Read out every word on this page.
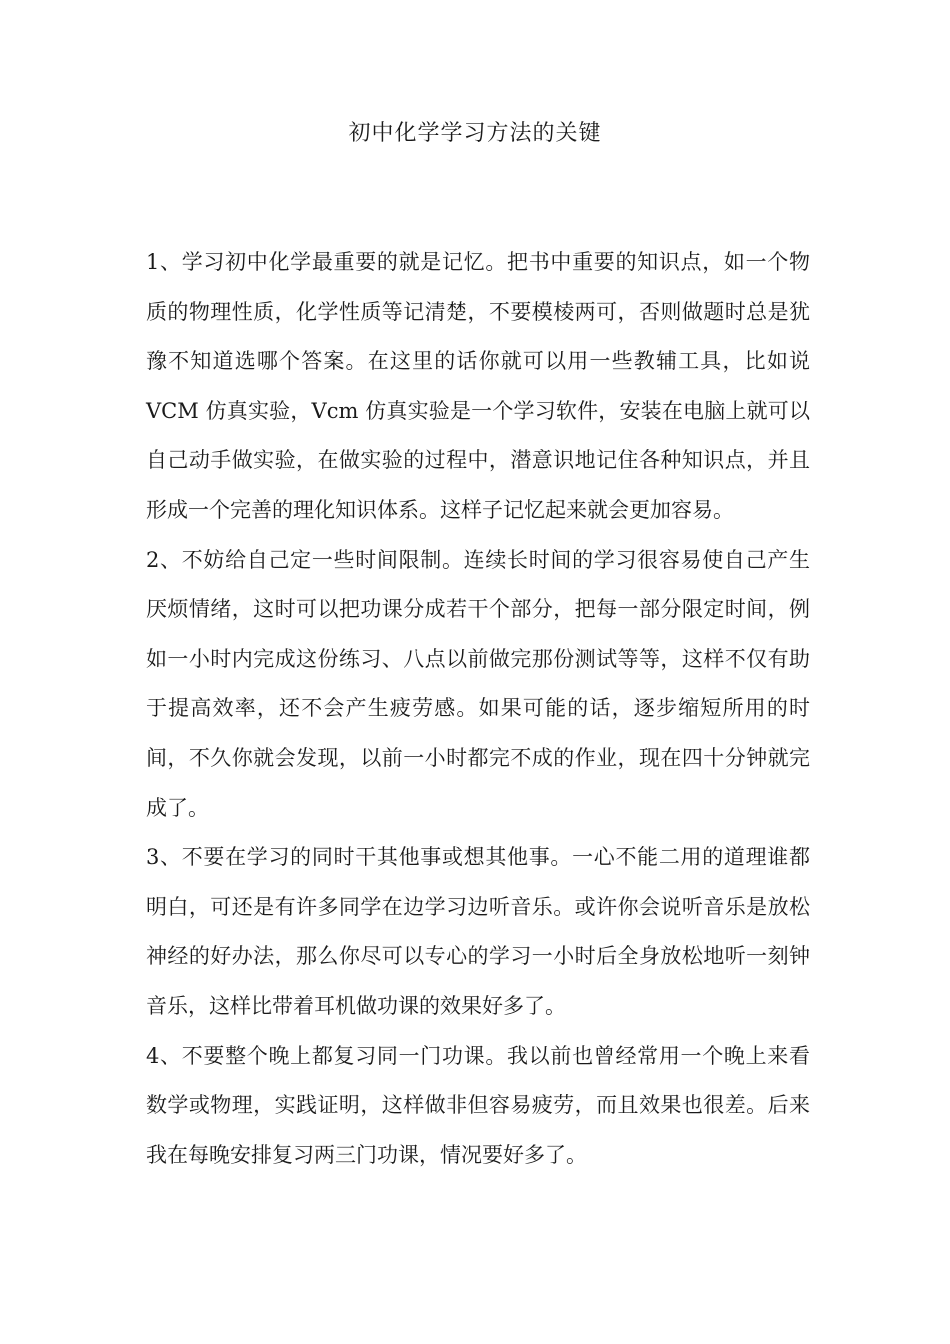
初中化学学习方法的关键

1、学习初中化学最重要的就是记忆。把书中重要的知识点，如一个物质的物理性质，化学性质等记清楚，不要模棱两可，否则做题时总是犹豫不知道选哪个答案。在这里的话你就可以用一些教辅工具，比如说 VCM 仿真实验，Vcm 仿真实验是一个学习软件，安装在电脑上就可以自己动手做实验，在做实验的过程中，潜意识地记住各种知识点，并且形成一个完善的理化知识体系。这样子记忆起来就会更加容易。

2、不妨给自己定一些时间限制。连续长时间的学习很容易使自己产生厌烦情绪，这时可以把功课分成若干个部分，把每一部分限定时间，例如一小时内完成这份练习、八点以前做完那份测试等等，这样不仅有助于提高效率，还不会产生疲劳感。如果可能的话，逐步缩短所用的时间，不久你就会发现，以前一小时都完不成的作业，现在四十分钟就完成了。

3、不要在学习的同时干其他事或想其他事。一心不能二用的道理谁都明白，可还是有许多同学在边学习边听音乐。或许你会说听音乐是放松神经的好办法，那么你尽可以专心的学习一小时后全身放松地听一刻钟音乐，这样比带着耳机做功课的效果好多了。

4、不要整个晚上都复习同一门功课。我以前也曾经常用一个晚上来看数学或物理，实践证明，这样做非但容易疲劳，而且效果也很差。后来我在每晚安排复习两三门功课，情况要好多了。
